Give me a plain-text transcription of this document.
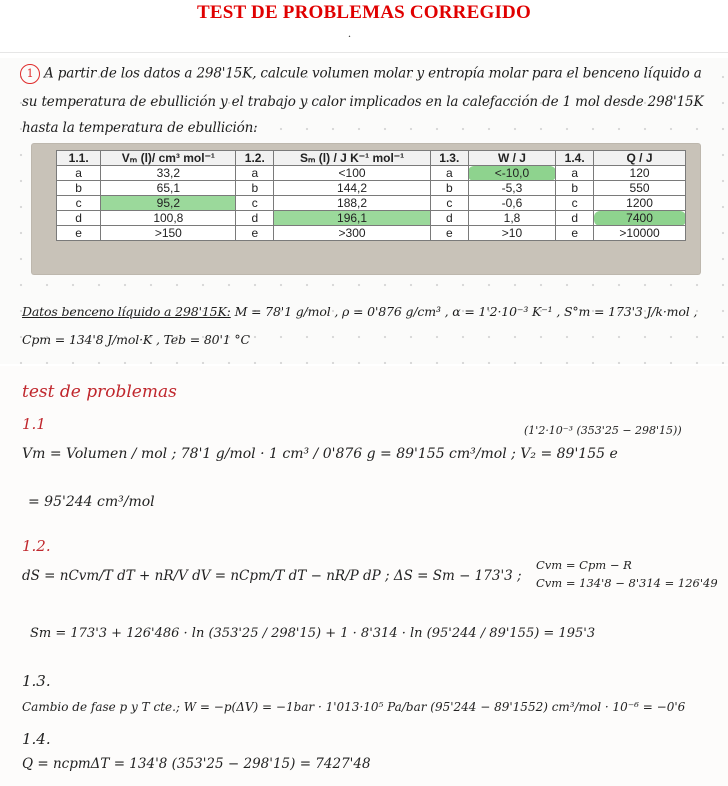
TEST DE PROBLEMAS CORREGIDO
.
1 A partir de los datos a 298'15K, calcule volumen molar y entropía molar para el benceno líquido a
su temperatura de ebullición y el trabajo y calor implicados en la calefacción de 1 mol desde 298'15K
hasta la temperatura de ebullición:
1.1.	Vₘ (l)/ cm³ mol⁻¹	1.2.	Sₘ (l) / J K⁻¹ mol⁻¹	1.3.	W / J	1.4.	Q / J
a	33,2	a	<100	a	<-10,0	a	120
b	65,1	b	144,2	b	-5,3	b	550
c	95,2	c	188,2	c	-0,6	c	1200
d	100,8	d	196,1	d	1,8	d	7400
e	>150	e	>300	e	>10	e	>10000
Datos benceno líquido a 298'15K: M = 78'1 g/mol , ρ = 0'876 g/cm³ , α = 1'2·10⁻³ K⁻¹ , S°m = 173'3 J/k·mol ,
Cpm = 134'8 J/mol·K , Teb = 80'1 °C
test de problemas
1.1
Vm = Volumen / mol ; 78'1 g/mol · 1 cm³ / 0'876 g = 89'155 cm³/mol ; V₂ = 89'155 e
(1'2·10⁻³ (353'25 − 298'15))
= 95'244 cm³/mol
1.2.
dS = nCvm/T dT + nR/V dV = nCpm/T dT − nR/P dP ; ΔS = Sm − 173'3 ;
Cvm = Cpm − R
Cvm = 134'8 − 8'314 = 126'49
Sm = 173'3 + 126'486 · ln (353'25 / 298'15) + 1 · 8'314 · ln (95'244 / 89'155) = 195'3
1.3.
Cambio de fase p y T cte.; W = −p(ΔV) = −1bar · 1'013·10⁵ Pa/bar (95'244 − 89'1552) cm³/mol · 10⁻⁶ = −0'6
1.4.
Q = ncpmΔT = 134'8 (353'25 − 298'15) = 7427'48
